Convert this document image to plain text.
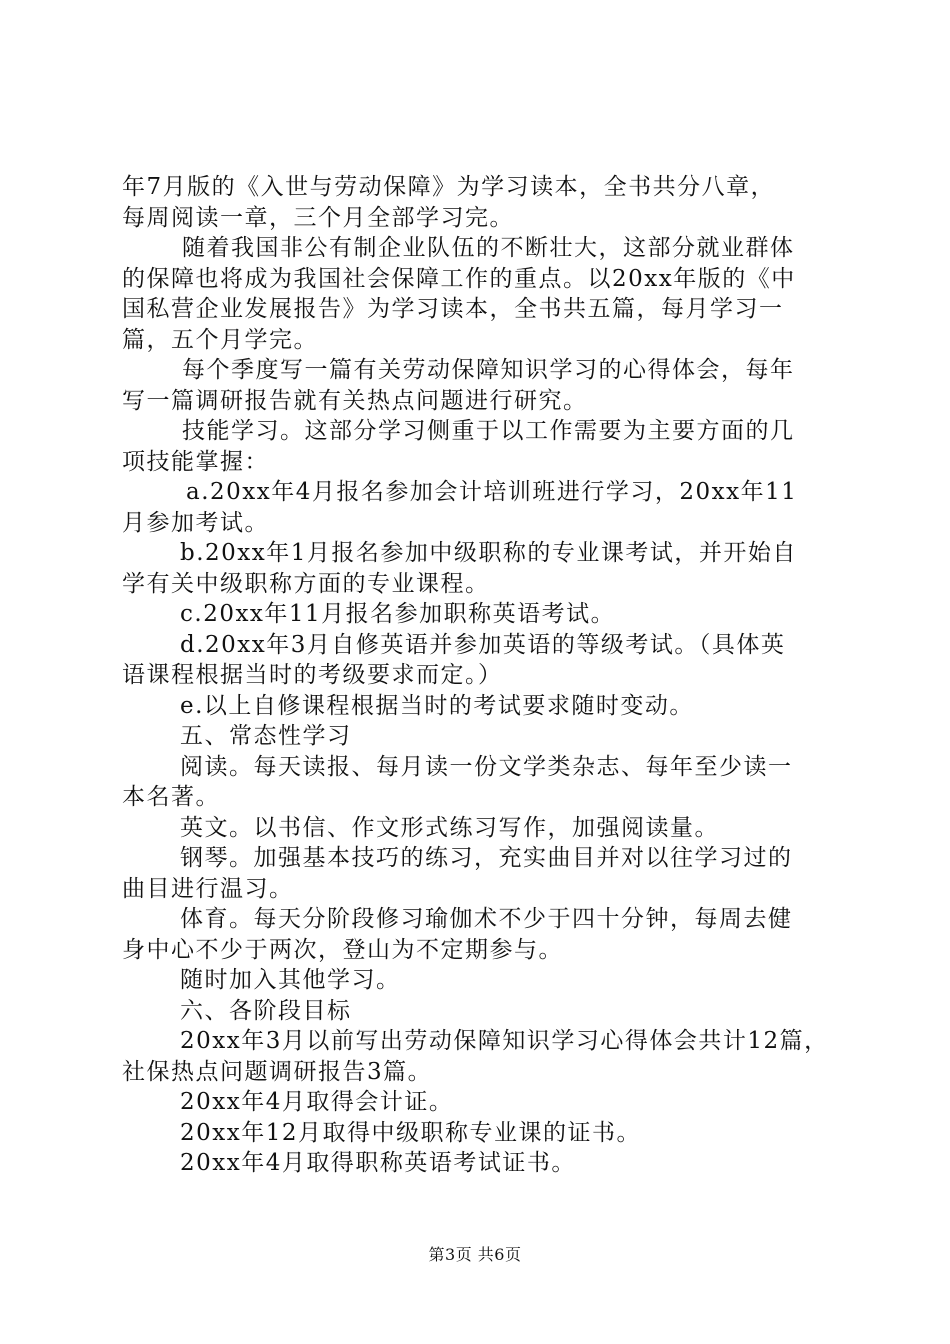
年7月版的《入世与劳动保障》为学习读本，全书共分八章，
每周阅读一章，三个月全部学习完。
随着我国非公有制企业队伍的不断壮大，这部分就业群体
的保障也将成为我国社会保障工作的重点。以20xx年版的《中
国私营企业发展报告》为学习读本，全书共五篇，每月学习一
篇，五个月学完。
每个季度写一篇有关劳动保障知识学习的心得体会，每年
写一篇调研报告就有关热点问题进行研究。
技能学习。这部分学习侧重于以工作需要为主要方面的几
项技能掌握：
a.20xx年4月报名参加会计培训班进行学习，20xx年11
月参加考试。
b.20xx年1月报名参加中级职称的专业课考试，并开始自
学有关中级职称方面的专业课程。
c.20xx年11月报名参加职称英语考试。
d.20xx年3月自修英语并参加英语的等级考试。（具体英
语课程根据当时的考级要求而定。）
e.以上自修课程根据当时的考试要求随时变动。
五、常态性学习
阅读。每天读报、每月读一份文学类杂志、每年至少读一
本名著。
英文。以书信、作文形式练习写作，加强阅读量。
钢琴。加强基本技巧的练习，充实曲目并对以往学习过的
曲目进行温习。
体育。每天分阶段修习瑜伽术不少于四十分钟，每周去健
身中心不少于两次，登山为不定期参与。
随时加入其他学习。
六、各阶段目标
20xx年3月以前写出劳动保障知识学习心得体会共计12篇，
社保热点问题调研报告3篇。
20xx年4月取得会计证。
20xx年12月取得中级职称专业课的证书。
20xx年4月取得职称英语考试证书。
第3页 共6页
